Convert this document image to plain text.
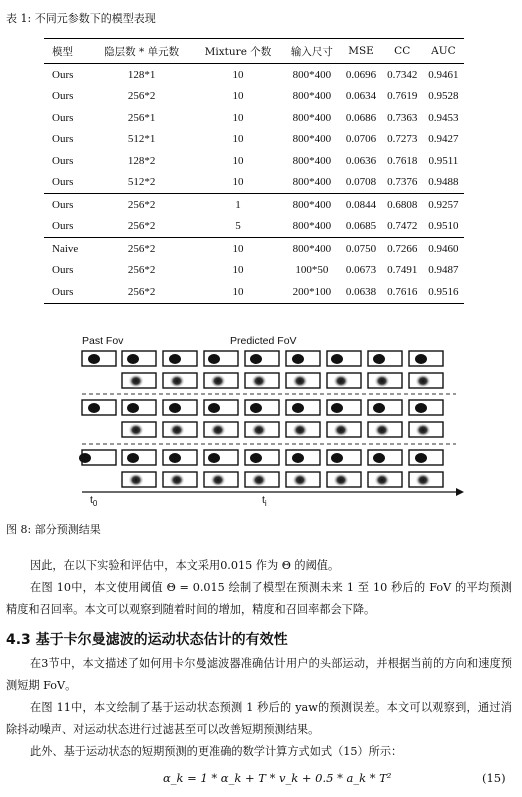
表 1: 不同元参数下的模型表现
模型	隐层数 * 单元数	Mixture 个数	输入尺寸	MSE	CC	AUC
Ours	128*1	10	800*400	0.0696	0.7342	0.9461
Ours	256*2	10	800*400	0.0634	0.7619	0.9528
Ours	256*1	10	800*400	0.0686	0.7363	0.9453
Ours	512*1	10	800*400	0.0706	0.7273	0.9427
Ours	128*2	10	800*400	0.0636	0.7618	0.9511
Ours	512*2	10	800*400	0.0708	0.7376	0.9488
Ours	256*2	1	800*400	0.0844	0.6808	0.9257
Ours	256*2	5	800*400	0.0685	0.7472	0.9510
Naive	256*2	10	800*400	0.0750	0.7266	0.9460
Ours	256*2	10	100*50	0.0673	0.7491	0.9487
Ours	256*2	10	200*100	0.0638	0.7616	0.9516
Past Fov	Predicted FoV
$t_0$	$t_i$
图 8: 部分预测结果
因此，在以下实验和评估中，本文采用0.015 作为 Θ 的阈值。
在图 10中，本文使用阈值 Θ = 0.015 绘制了模型在预测未来 1 至 10 秒后的 FoV 的平均预测精度和召回率。本文可以观察到随着时间的增加，精度和召回率都会下降。
4.3 基于卡尔曼滤波的运动状态估计的有效性
在3节中，本文描述了如何用卡尔曼滤波器准确估计用户的头部运动，并根据当前的方向和速度预测短期 FoV。
在图 11中，本文绘制了基于运动状态预测 1 秒后的 yaw的预测误差。本文可以观察到，通过消除抖动噪声、对运动状态进行过滤甚至可以改善短期预测结果。
此外、基于运动状态的短期预测的更准确的数学计算方式如式（15）所示：
α_k = 1 * α_k + T * v_k + 0.5 * a_k * T²	(15)
